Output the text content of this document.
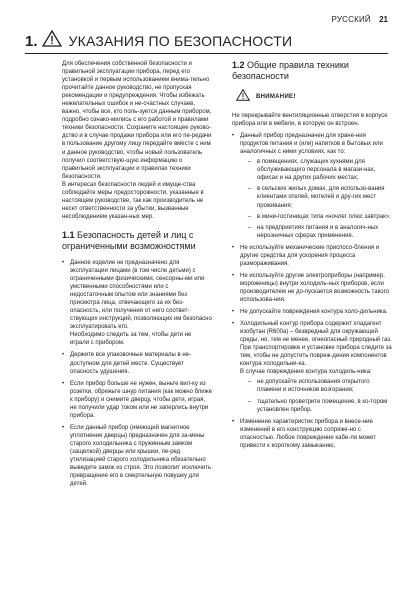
РУССКИЙ 21
1. УКАЗАНИЯ ПО БЕЗОПАСНОСТИ

Для обеспечения собственной безопасности и правильной эксплуатации прибора, перед его установкой и первым использованием внима-тельно прочитайте данное руководство, не пропуская рекомендации и предупреждения. Чтобы избежать нежелательных ошибок и не-счастных случаев, важно, чтобы все, кто поль-зуется данным прибором, подробно ознако-мились с его работой и правилами техники безопасности. Сохраните настоящее руково-дство и в случае продажи прибора или его пе-редачи в пользование другому лицу передайте вместе с ним и данное руководство, чтобы новый пользователь получил соответствую-щую информацию о правильной эксплуатации и правилах техники безопасности.

В интересах безопасности людей и имуще-ства соблюдайте меры предосторожности, указанные в настоящем руководстве, так как производитель не несет ответственности за убытки, вызванные несоблюдением указан-ных мер.

1.1 Безопасность детей и лиц с ограниченными возможностями
• Данное изделие не предназначено для эксплуатации лицами (в том числе детьми) с ограниченными физическими, сенсорны-ми или умственными способностями или с недостаточным опытом или знаниями без присмотра лица, отвечающего за их без-опасность, или получения от него соответ-ствующих инструкций, позволяющих им безопасно эксплуатировать его.

Необходимо следить за тем, чтобы дети не играли с прибором.

• Держите все упаковочные материалы в не-доступном для детей месте. Существует опасность удушения.
• Если прибор больше не нужен, выньте вил-ку из розетки, обрежьте шнур питания (как можно ближе к прибору) и снимите дверцу, чтобы дети, играя, не получили удар током или не заперлись внутри прибора.
• Если данный прибор (имеющий магнитное уплотнение дверцы) предназначен для за-мены старого холодильника с пружинным замком (защелкой) дверцы или крышки, пе-ред утилизацией старого холодильника обязательно выведите замок из строя. Это позволит исключить превращение его в смертельную ловушку для детей.
1.2 Общие правила техники безопасности
ВНИМАНИЕ!

Не перекрывайте вентиляционные отверстия в корпусе прибора или в мебели, в которую он встроен.

• Данный прибор предназначен для хране-ния продуктов питания и (или) напитков в бытовых или аналогичных с ними условиях, как то:
– в помещениях, служащих кухнями для обслуживающего персонала в магази-нах, офисах и на других рабочих местах;
– в сельских жилых домах, для использо-вания клиентами отелей, мотелей и дру-гих мест проживания;
– в мини-гостиницах типа «ночлег плюс завтрак»;
– на предприятиях питания и в аналогич-ных нерозничных сферах применения.
• Не используйте механические приспосо-бления и другие средства для ускорения процесса размораживания.
• Не используйте другие электроприборы (например, мороженицы) внутри холодиль-ных приборов, если производителем не до-пускается возможность такого использова-ния.
• Не допускайте повреждения контура холо-дильника.
• Холодильный контур прибора содержит хладагент изобутан (R600a) – безвредный для окружающей среды, но, тем не менее, огнеопасный природный газ.

При транспортировке и установке прибора следите за тем, чтобы не допустить повреж-дения компонентов контура холодильни-ка.

В случае повреждения контура холодиль-ника:

– не допускайте использования открытого пламени и источников возгорания;
– тщательно проветрите помещение, в ко-тором установлен прибор.
• Изменение характеристик прибора и внесе-ние изменений в его конструкцию сопряже-но с опасностью. Любое повреждение кабе-ля может привести к короткому замыканию,
